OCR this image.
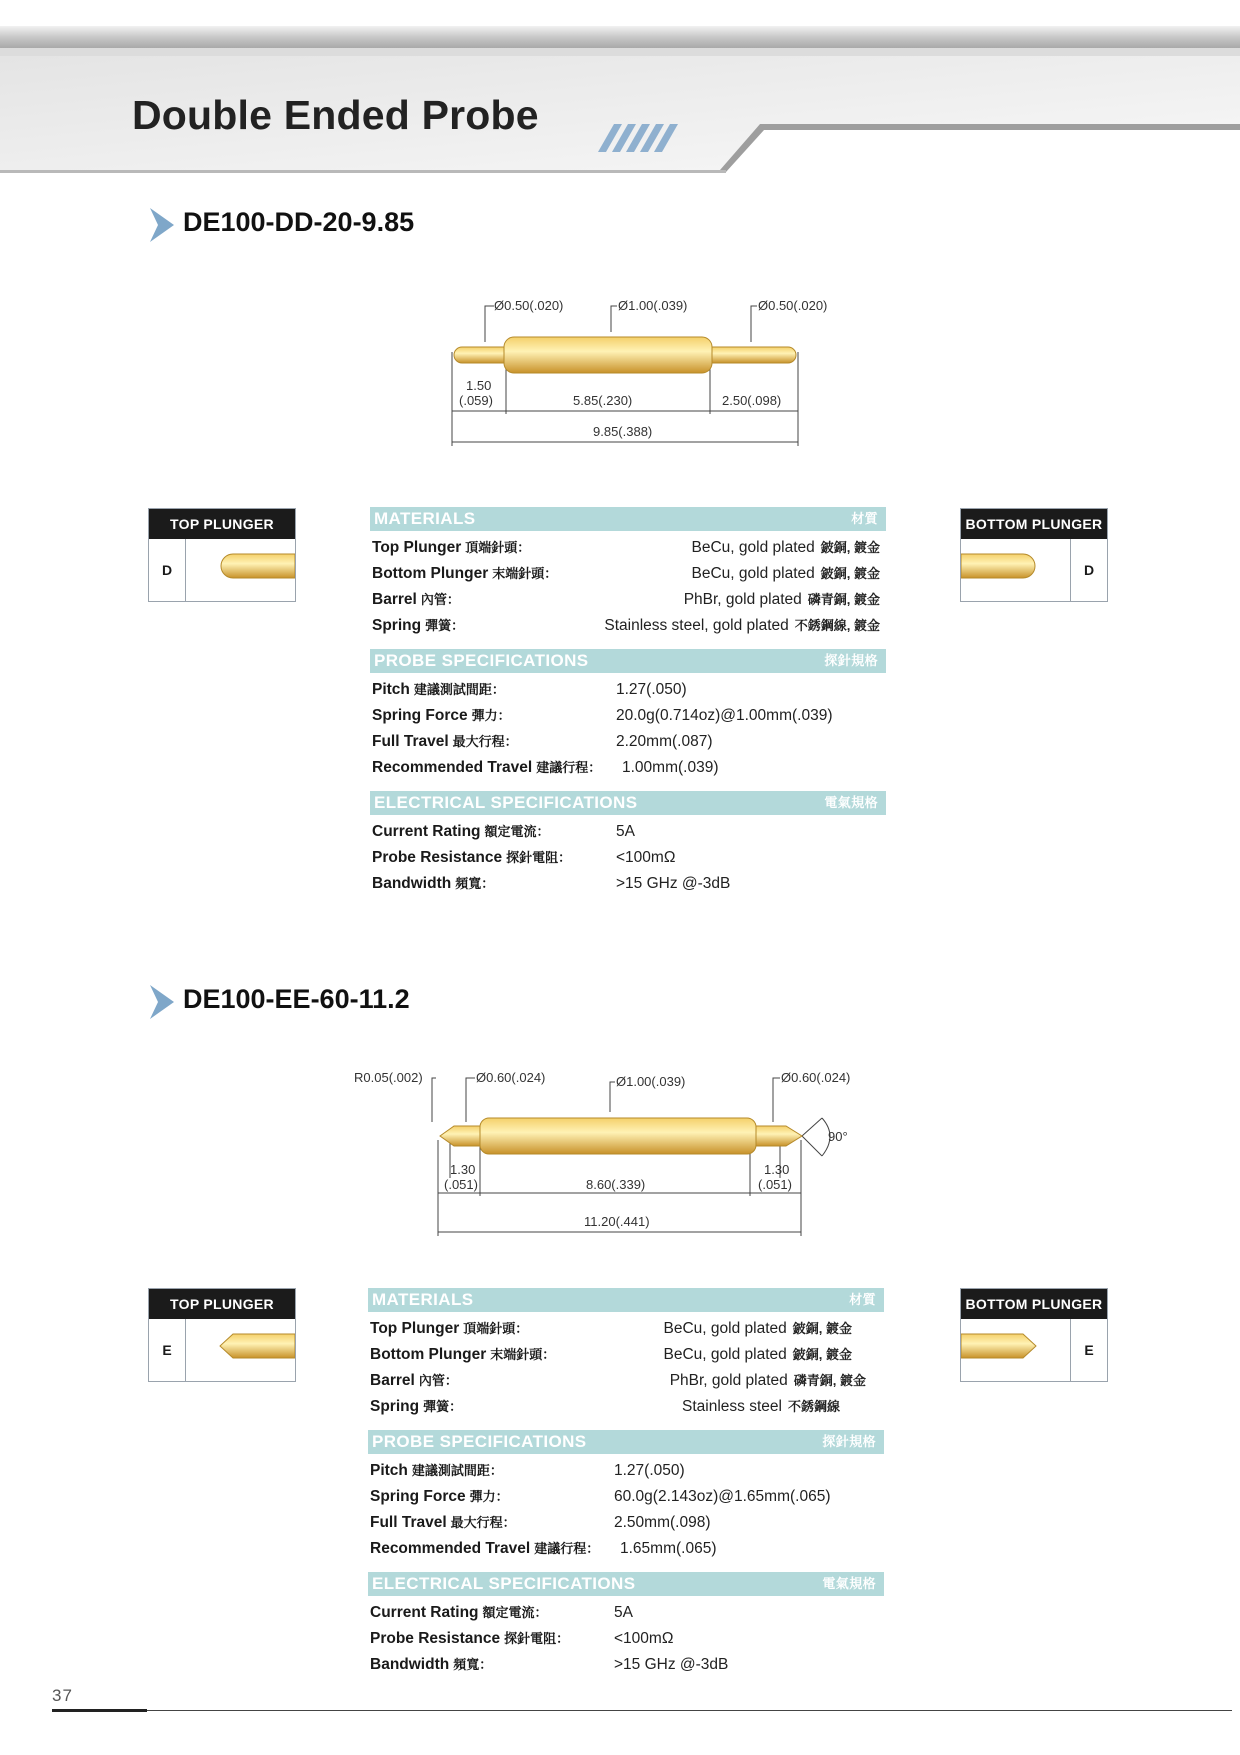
Double Ended Probe
DE100-DD-20-9.85
Ø0.50(.020)	Ø1.00(.039)	Ø0.50(.020)
1.50
(.059)	5.85(.230)	2.50(.098)
9.85(.388)
TOP PLUNGER
D
BOTTOM PLUNGER
D
MATERIALS	材質
Top Plunger 頂端針頭：	BeCu, gold plated 鈹銅, 鍍金
Bottom Plunger 末端針頭：	BeCu, gold plated 鈹銅, 鍍金
Barrel 內管：	PhBr, gold plated 磷青銅, 鍍金
Spring 彈簧：	Stainless steel, gold plated 不銹鋼線, 鍍金
PROBE SPECIFICATIONS	探針規格
Pitch 建議測試間距：	1.27(.050)
Spring Force 彈力：	20.0g(0.714oz)@1.00mm(.039)
Full Travel 最大行程：	2.20mm(.087)
Recommended Travel 建議行程： 1.00mm(.039)
ELECTRICAL SPECIFICATIONS	電氣規格
Current Rating 額定電流：	5A
Probe Resistance 探針電阻：	<100mΩ
Bandwidth 頻寬：	>15 GHz @-3dB
DE100-EE-60-11.2
R0.05(.002)	Ø0.60(.024)	Ø1.00(.039)	Ø0.60(.024)
90°
1.30
(.051)	8.60(.339)
1.30
(.051)
11.20(.441)
TOP PLUNGER
E
BOTTOM PLUNGER
E
MATERIALS	材質
Top Plunger 頂端針頭：	BeCu, gold plated 鈹銅, 鍍金
Bottom Plunger 末端針頭：	BeCu, gold plated 鈹銅, 鍍金
Barrel 內管：	PhBr, gold plated 磷青銅, 鍍金
Spring 彈簧：	Stainless steel 不銹鋼線
PROBE SPECIFICATIONS	探針規格
Pitch 建議測試間距：	1.27(.050)
Spring Force 彈力：	60.0g(2.143oz)@1.65mm(.065)
Full Travel 最大行程：	2.50mm(.098)
Recommended Travel 建議行程： 1.65mm(.065)
ELECTRICAL SPECIFICATIONS	電氣規格
Current Rating 額定電流：	5A
Probe Resistance 探針電阻：	<100mΩ
Bandwidth 頻寬：	>15 GHz @-3dB
37
